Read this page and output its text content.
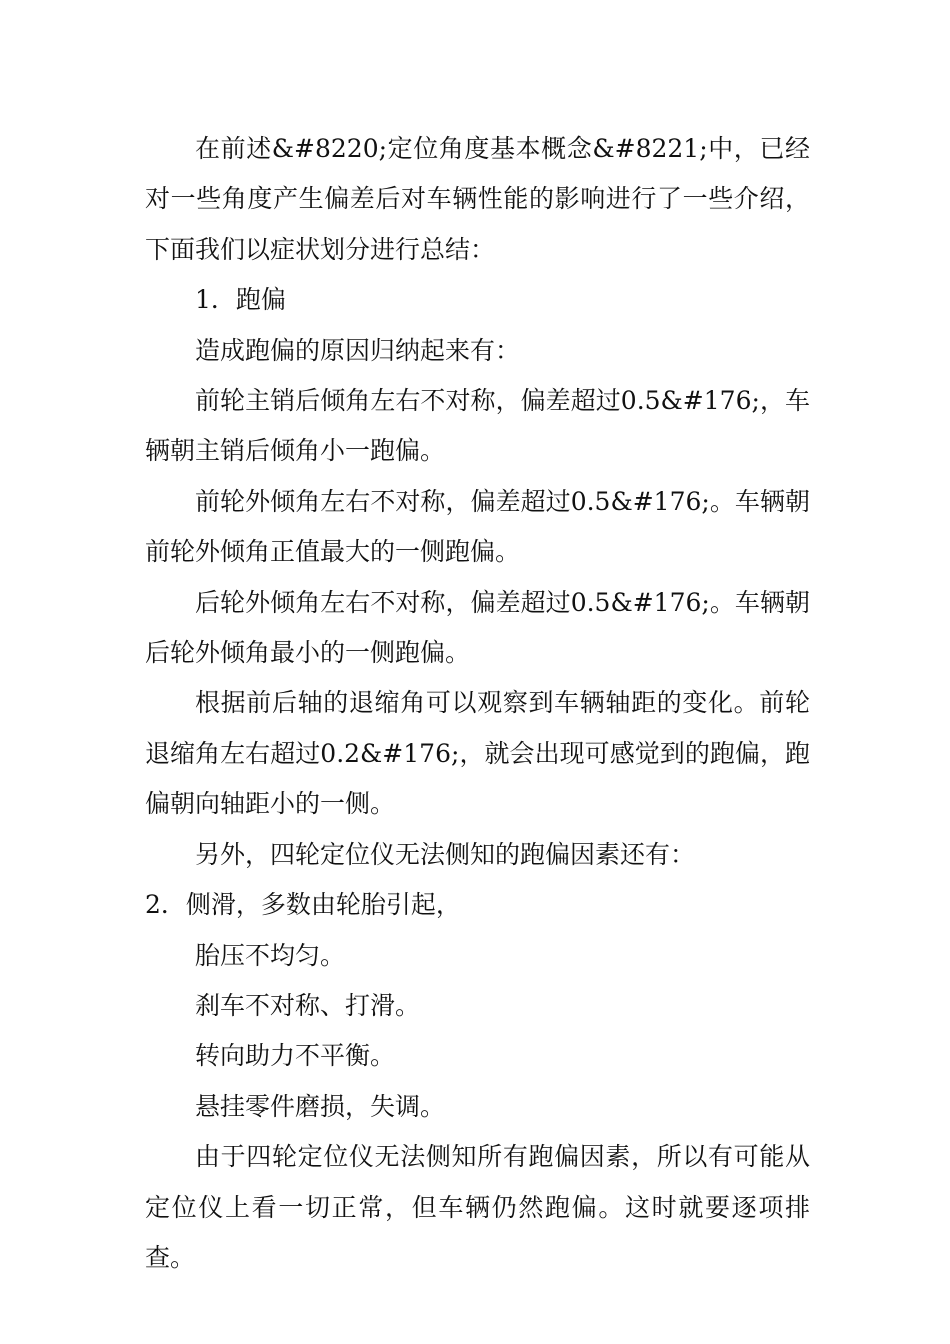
在前述&#8220;定位角度基本概念&#8221;中，已经对一些角度产生偏差后对车辆性能的影响进行了一些介绍，下面我们以症状划分进行总结：

1．跑偏

造成跑偏的原因归纳起来有：

前轮主销后倾角左右不对称，偏差超过0.5&#176;，车辆朝主销后倾角小一跑偏。

前轮外倾角左右不对称，偏差超过0.5&#176;。车辆朝前轮外倾角正值最大的一侧跑偏。

后轮外倾角左右不对称，偏差超过0.5&#176;。车辆朝后轮外倾角最小的一侧跑偏。

根据前后轴的退缩角可以观察到车辆轴距的变化。前轮退缩角左右超过0.2&#176;，就会出现可感觉到的跑偏，跑偏朝向轴距小的一侧。

另外，四轮定位仪无法侧知的跑偏因素还有：

2．侧滑，多数由轮胎引起，

胎压不均匀。

刹车不对称、打滑。

转向助力不平衡。

悬挂零件磨损，失调。

由于四轮定位仪无法侧知所有跑偏因素，所以有可能从定位仪上看一切正常，但车辆仍然跑偏。这时就要逐项排查。
